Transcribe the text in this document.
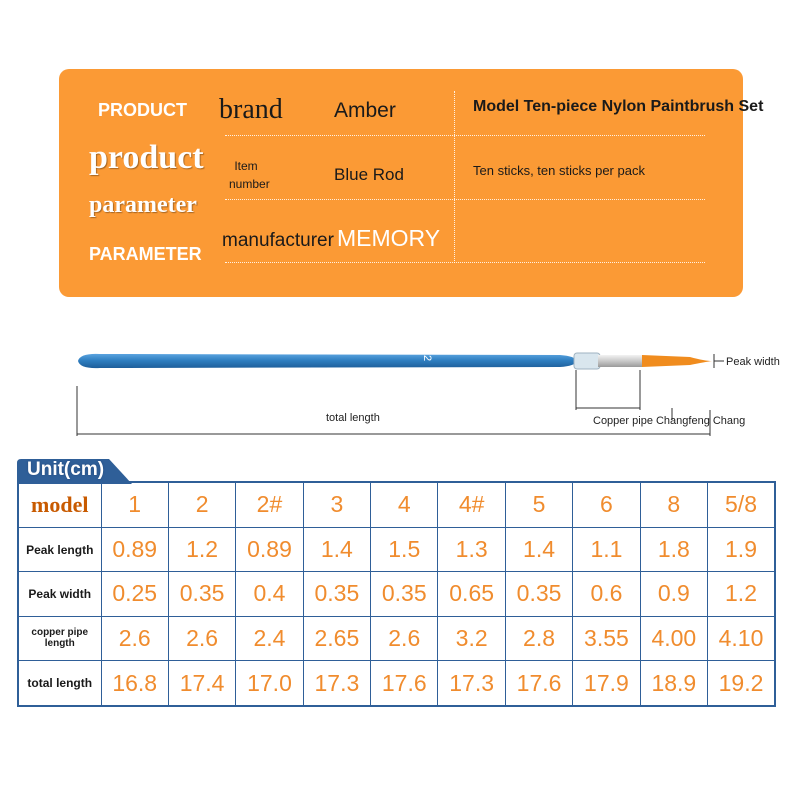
PRODUCT
product
parameter
PARAMETER
brand Amber
Item number	Blue Rod
manufacturer MEMORY
Model Ten-piece Nylon Paintbrush Set
Ten sticks, ten sticks per pack
2	Peak width
total length	Copper pipe Changfeng Chang
Unit(cm)
model	1	2	2#	3	4	4#	5	6	8	5/8
Peak length	0.89	1.2	0.89	1.4	1.5	1.3	1.4	1.1	1.8	1.9
Peak width	0.25	0.35	0.4	0.35	0.35	0.65	0.35	0.6	0.9	1.2
copper pipe length	2.6	2.6	2.4	2.65	2.6	3.2	2.8	3.55	4.00	4.10
total length	16.8	17.4	17.0	17.3	17.6	17.3	17.6	17.9	18.9	19.2
